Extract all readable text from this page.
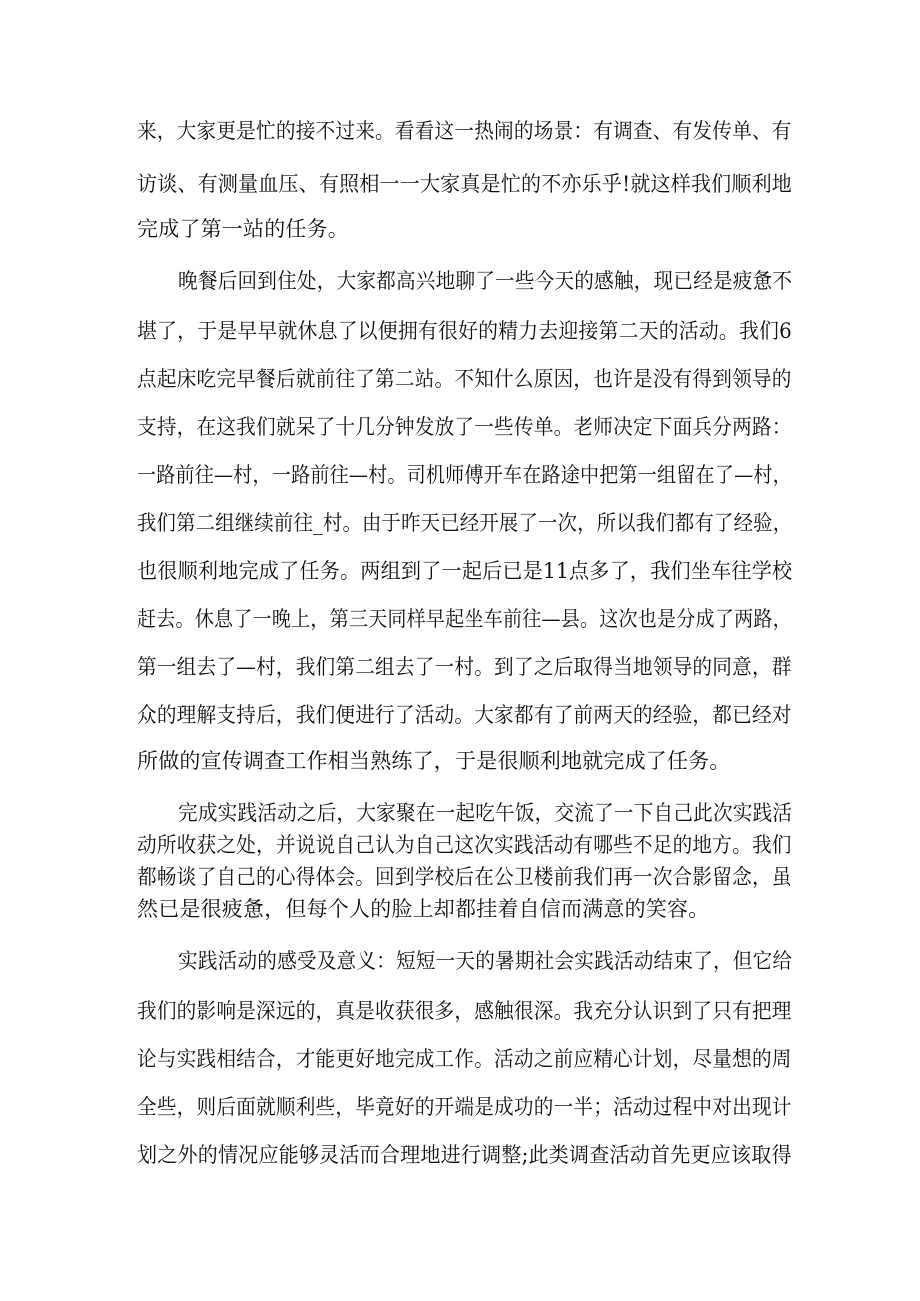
来，大家更是忙的接不过来。看看这一热闹的场景：有调查、有发传单、有
访谈、有测量血压、有照相一一大家真是忙的不亦乐乎!就这样我们顺利地
完成了第一站的任务。
晚餐后回到住处，大家都高兴地聊了一些今天的感触，现已经是疲惫不
堪了，于是早早就休息了以便拥有很好的精力去迎接第二天的活动。我们6
点起床吃完早餐后就前往了第二站。不知什么原因，也许是没有得到领导的
支持，在这我们就呆了十几分钟发放了一些传单。老师决定下面兵分两路：
一路前往—村，一路前往—村。司机师傅开车在路途中把第一组留在了—村，
我们第二组继续前往_村。由于昨天已经开展了一次，所以我们都有了经验，
也很顺利地完成了任务。两组到了一起后已是11点多了，我们坐车往学校
赶去。休息了一晚上，第三天同样早起坐车前往—县。这次也是分成了两路，
第一组去了—村，我们第二组去了一村。到了之后取得当地领导的同意，群
众的理解支持后，我们便进行了活动。大家都有了前两天的经验，都已经对
所做的宣传调查工作相当熟练了，于是很顺利地就完成了任务。
完成实践活动之后，大家聚在一起吃午饭，交流了一下自己此次实践活
动所收获之处，并说说自己认为自己这次实践活动有哪些不足的地方。我们
都畅谈了自己的心得体会。回到学校后在公卫楼前我们再一次合影留念，虽
然已是很疲惫，但每个人的脸上却都挂着自信而满意的笑容。
实践活动的感受及意义：短短一天的暑期社会实践活动结束了，但它给
我们的影响是深远的，真是收获很多，感触很深。我充分认识到了只有把理
论与实践相结合，才能更好地完成工作。活动之前应精心计划，尽量想的周
全些，则后面就顺利些，毕竟好的开端是成功的一半；活动过程中对出现计
划之外的情况应能够灵活而合理地进行调整;此类调查活动首先更应该取得
